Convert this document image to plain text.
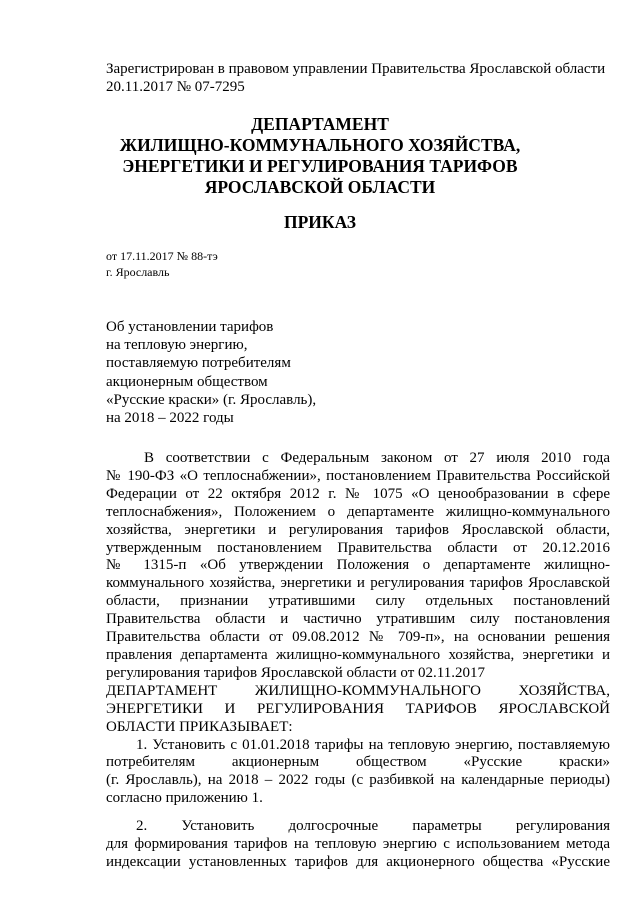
Зарегистрирован в правовом управлении Правительства Ярославской области
20.11.2017 № 07-7295
ДЕПАРТАМЕНТ
ЖИЛИЩНО-КОММУНАЛЬНОГО ХОЗЯЙСТВА,
ЭНЕРГЕТИКИ И РЕГУЛИРОВАНИЯ ТАРИФОВ
ЯРОСЛАВСКОЙ ОБЛАСТИ
ПРИКАЗ
от 17.11.2017 № 88-тэ
г. Ярославль
Об установлении тарифов
на тепловую энергию,
поставляемую потребителям
акционерным обществом
«Русские краски» (г. Ярославль),
на 2018 – 2022 годы

В соответствии с Федеральным законом от 27 июля 2010 года

№ 190-ФЗ «О теплоснабжении», постановлением Правительства Российской

Федерации от 22 октября 2012 г. № 1075 «О ценообразовании в сфере

теплоснабжения», Положением о департаменте жилищно-коммунального

хозяйства, энергетики и регулирования тарифов Ярославской области,

утвержденным постановлением Правительства области от 20.12.2016

№ 1315-п «Об утверждении Положения о департаменте жилищно-

коммунального хозяйства, энергетики и регулирования тарифов Ярославской

области, признании утратившими силу отдельных постановлений

Правительства области и частично утратившим силу постановления

Правительства области от 09.08.2012 № 709-п», на основании решения

правления департамента жилищно-коммунального хозяйства, энергетики и

регулирования тарифов Ярославской области от 02.11.2017

ДЕПАРТАМЕНТ ЖИЛИЩНО-КОММУНАЛЬНОГО ХОЗЯЙСТВА,

ЭНЕРГЕТИКИ И РЕГУЛИРОВАНИЯ ТАРИФОВ ЯРОСЛАВСКОЙ

ОБЛАСТИ ПРИКАЗЫВАЕТ:

1. Установить с 01.01.2018 тарифы на тепловую энергию, поставляемую

потребителям акционерным обществом «Русские краски»

(г. Ярославль), на 2018 – 2022 годы (с разбивкой на календарные периоды)

согласно приложению 1.

2. Установить долгосрочные параметры регулирования

для формирования тарифов на тепловую энергию с использованием метода

индексации установленных тарифов для акционерного общества «Русские
